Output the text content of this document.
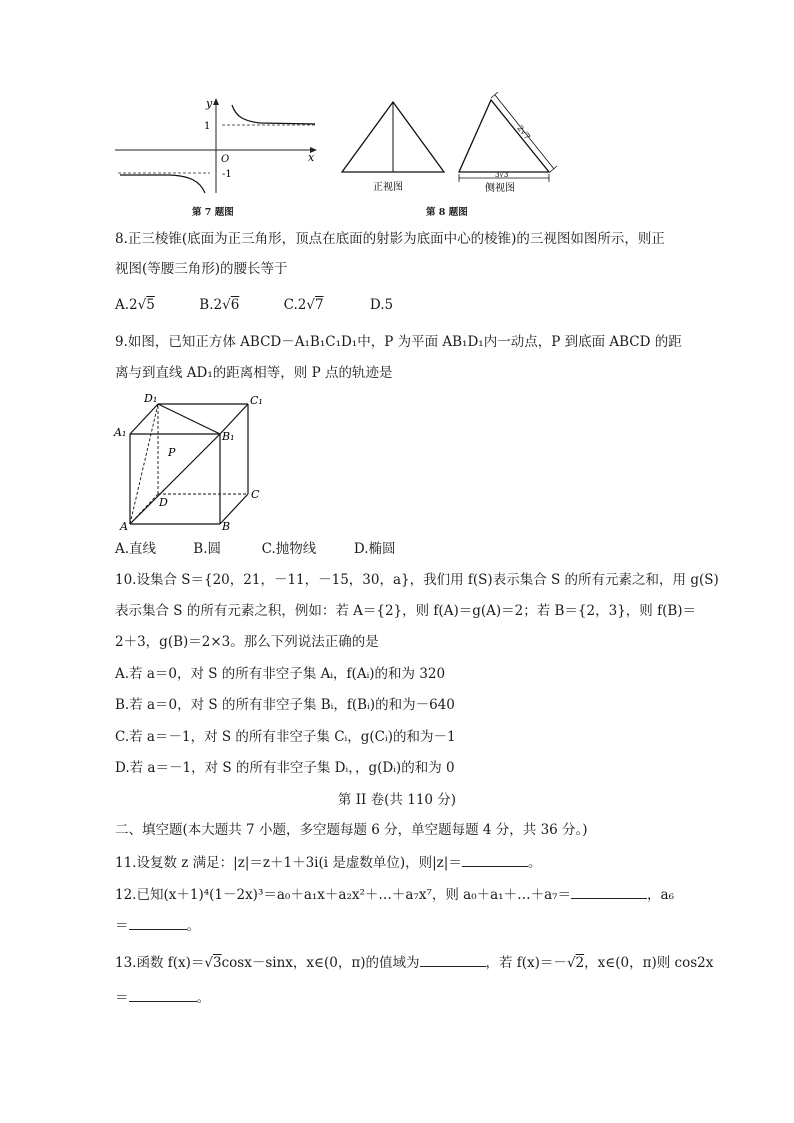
y
x
O
1
-1
第 7 题图
正视图
2√7
3√3
侧视图
第 8 题图
8.正三棱锥(底面为正三角形，顶点在底面的射影为底面中心的棱锥)的三视图如图所示，则正
视图(等腰三角形)的腰长等于
A.2√5	B.2√6	C.2√7	D.5
9.如图，已知正方体 ABCD－A₁B₁C₁D₁中，P 为平面 AB₁D₁内一动点，P 到底面 ABCD 的距
离与到直线 AD₁的距离相等，则 P 点的轨迹是
D₁	C₁
A₁	B₁
P
D
C
A	B
A.直线	B.圆	C.抛物线	D.椭圆
10.设集合 S＝{20，21，－11，－15，30，a}，我们用 f(S)表示集合 S 的所有元素之和，用 g(S)
表示集合 S 的所有元素之积，例如：若 A＝{2}，则 f(A)＝g(A)＝2；若 B＝{2，3}，则 f(B)＝
2＋3，g(B)＝2×3。那么下列说法正确的是
A.若 a＝0，对 S 的所有非空子集 Aᵢ，f(Aᵢ)的和为 320
B.若 a＝0，对 S 的所有非空子集 Bᵢ，f(Bᵢ)的和为－640
C.若 a＝－1，对 S 的所有非空子集 Cᵢ，g(Cᵢ)的和为－1
D.若 a＝－1，对 S 的所有非空子集 Dᵢ，，g(Dᵢ)的和为 0
第 II 卷(共 110 分)
二、填空题(本大题共 7 小题，多空题每题 6 分，单空题每题 4 分，共 36 分。)
11.设复数 z 满足：|z|＝z＋1＋3i(i 是虚数单位)，则|z|＝	。
12.已知(x＋1)⁴(1－2x)³＝a₀＋a₁x＋a₂x²＋…＋a₇x⁷，则 a₀＋a₁＋…＋a₇＝	，a₆
＝	。
13.函数 f(x)＝√3cosx－sinx，x∈(0，π)的值域为	，若 f(x)＝－√2，x∈(0，π)则 cos2x
＝	。
